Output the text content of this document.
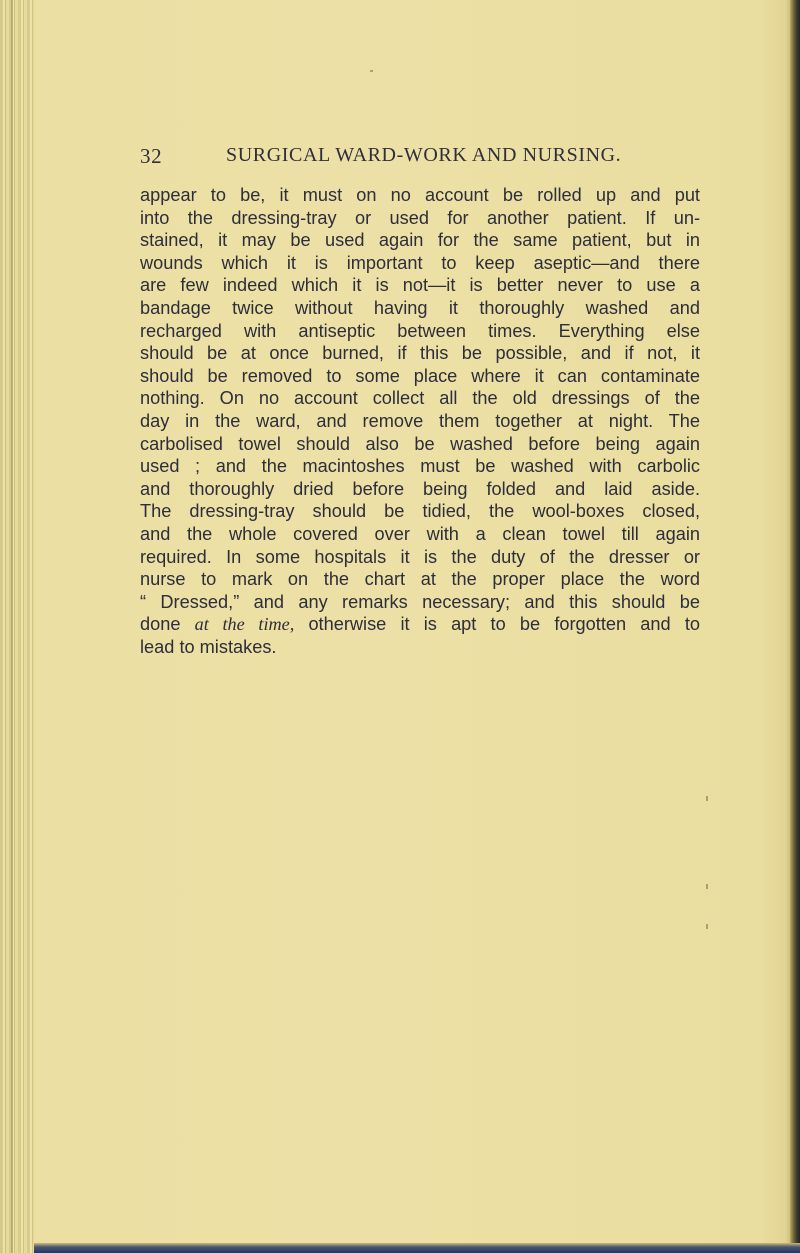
32	SURGICAL WARD-WORK AND NURSING.
appear to be, it must on no account be rolled up and put
into the dressing-tray or used for another patient. If un-
stained, it may be used again for the same patient, but in
wounds which it is important to keep aseptic—and there
are few indeed which it is not—it is better never to use a
bandage twice without having it thoroughly washed and
recharged with antiseptic between times. Everything else
should be at once burned, if this be possible, and if not, it
should be removed to some place where it can contaminate
nothing. On no account collect all the old dressings of the
day in the ward, and remove them together at night. The
carbolised towel should also be washed before being again
used ; and the macintoshes must be washed with carbolic
and thoroughly dried before being folded and laid aside.
The dressing-tray should be tidied, the wool-boxes closed,
and the whole covered over with a clean towel till again
required. In some hospitals it is the duty of the dresser or
nurse to mark on the chart at the proper place the word
“ Dressed,” and any remarks necessary; and this should be
done at the time, otherwise it is apt to be forgotten and to
lead to mistakes.
